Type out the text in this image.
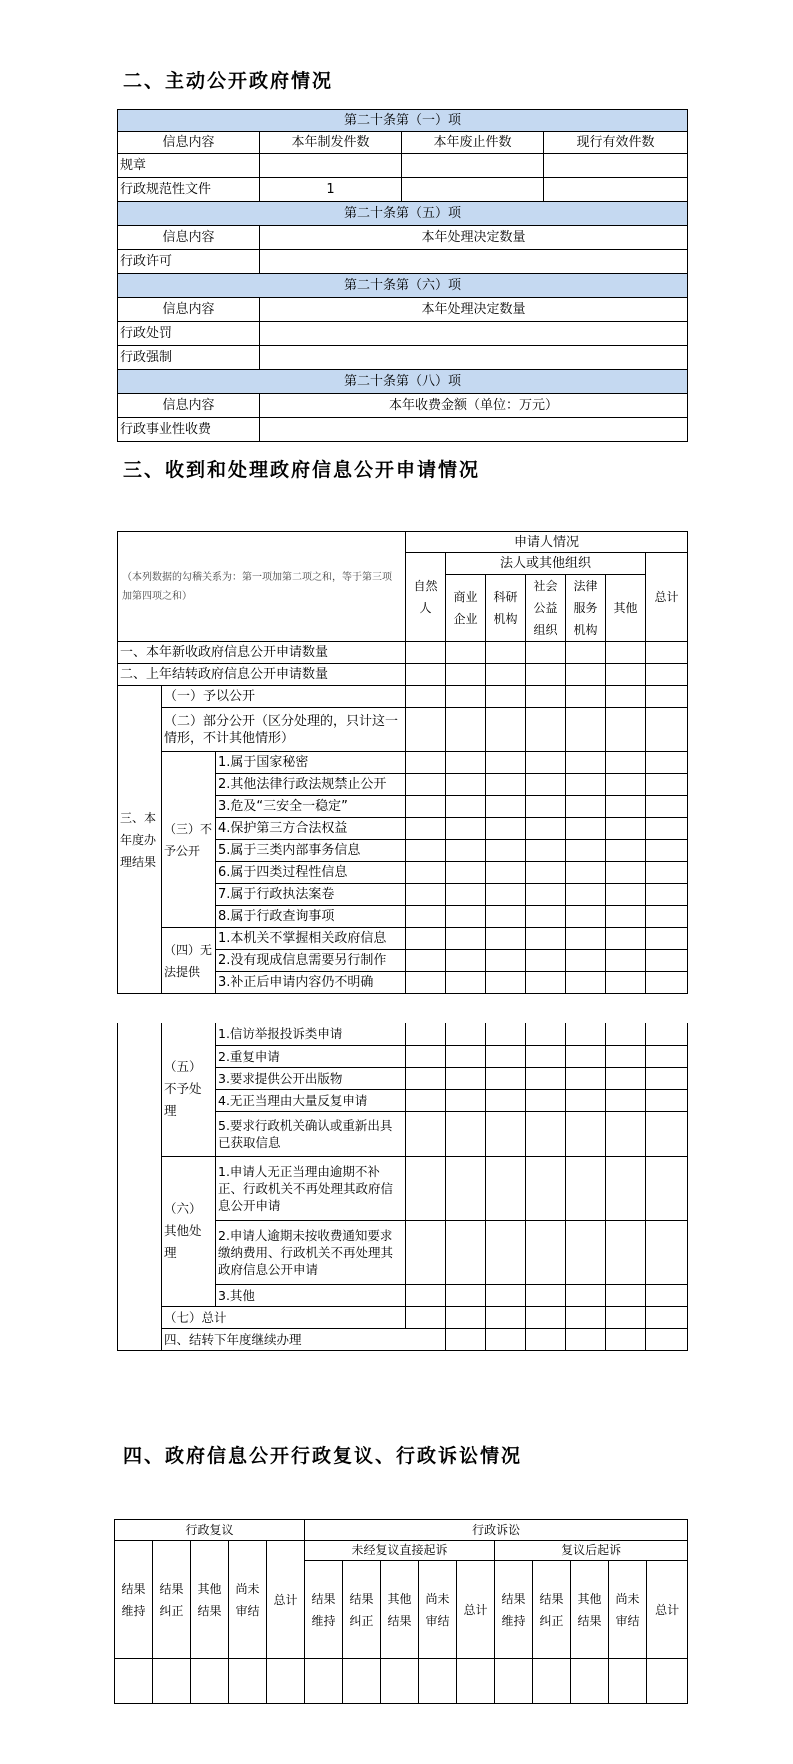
二、主动公开政府情况
第二十条第（一）项			
信息内容	本年制发件数	本年废止件数	现行有效件数
规章			
行政规范性文件	1		
第二十条第（五）项			
信息内容	本年处理决定数量		
行政许可			
第二十条第（六）项			
信息内容	本年处理决定数量		
行政处罚			
行政强制			
第二十条第（八）项			
信息内容	本年收费金额（单位：万元）		
行政事业性收费			
三、收到和处理政府信息公开申请情况
（本列数据的勾稽关系为：第一项加第二项之和，等于第三项加第四项之和）			申请人情况						
			自然人	法人或其他组织					总计
				商业企业	科研机构	社会公益组织	法律服务机构	其他	

一、本年新收政府信息公开申请数量									
二、上年结转政府信息公开申请数量									
三、本年度办理结果	（一）予以公开								
	（二）部分公开（区分处理的，只计这一情形，不计其他情形）								
	（三）不予公开	1.属于国家秘密							
		2.其他法律行政法规禁止公开							
		3.危及“三安全一稳定”							
		4.保护第三方合法权益							
		5.属于三类内部事务信息							
		6.属于四类过程性信息							
		7.属于行政执法案卷							
		8.属于行政查询事项							
	（四）无法提供	1.本机关不掌握相关政府信息							
		2.没有现成信息需要另行制作							
		3.补正后申请内容仍不明确							
	（五）不予处理	1.信访举报投诉类申请								
		2.重复申请								
		3.要求提供公开出版物								
		4.无正当理由大量反复申请								
		5.要求行政机关确认或重新出具已获取信息								
	（六）其他处理	1.申请人无正当理由逾期不补正、行政机关不再处理其政府信息公开申请								
		2.申请人逾期未按收费通知要求缴纳费用、行政机关不再处理其政府信息公开申请								
		3.其他								
	（七）总计									
	四、结转下年度继续办理									
四、政府信息公开行政复议、行政诉讼情况
行政复议					行政诉讼									
结果维持	结果纠正	其他结果	尚未审结	总计	未经复议直接起诉					复议后起诉				
					结果维持	结果纠正	其他结果	尚未审结	总计	结果维持	结果纠正	其他结果	尚未审结	总计
